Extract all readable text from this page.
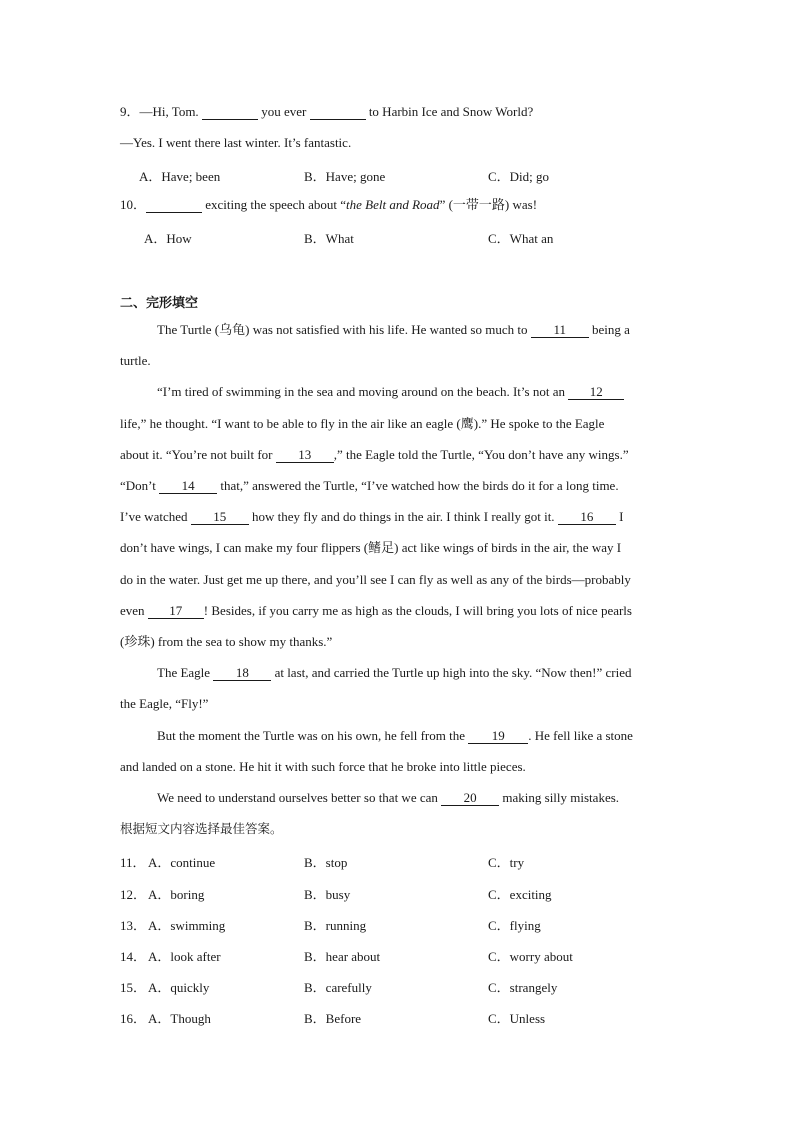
9．—Hi, Tom.	you ever	to Harbin Ice and Snow World?
—Yes. I went there last winter. It’s fantastic.
A．Have; been	B．Have; gone	C．Did; go
10．	exciting the speech about “the Belt and Road” (一带一路) was!
A．How	B．What	C．What an
二、完形填空
The Turtle (乌龟) was not satisfied with his life. He wanted so much to 11 being a
turtle.
“I’m tired of swimming in the sea and moving around on the beach. It’s not an 12
life,” he thought. “I want to be able to fly in the air like an eagle (鹰).” He spoke to the Eagle
about it. “You’re not built for 13 ,” the Eagle told the Turtle, “You don’t have any wings.”
“Don’t 14 that,” answered the Turtle, “I’ve watched how the birds do it for a long time.
I’ve watched 15 how they fly and do things in the air. I think I really got it. 16 I
don’t have wings, I can make my four flippers (鳍足) act like wings of birds in the air, the way I
do in the water. Just get me up there, and you’ll see I can fly as well as any of the birds—probably
even 17 ! Besides, if you carry me as high as the clouds, I will bring you lots of nice pearls
(珍珠) from the sea to show my thanks.”
The Eagle 18 at last, and carried the Turtle up high into the sky. “Now then!” cried
the Eagle, “Fly!”
But the moment the Turtle was on his own, he fell from the 19 . He fell like a stone
and landed on a stone. He hit it with such force that he broke into little pieces.
We need to understand ourselves better so that we can 20 making silly mistakes.
根据短文内容选择最佳答案。
11． A．continue	B．stop	C．try
12． A．boring	B．busy	C．exciting
13． A．swimming	B．running	C．flying
14． A．look after	B．hear about	C．worry about
15． A．quickly	B．carefully	C．strangely
16． A．Though	B．Before	C．Unless
